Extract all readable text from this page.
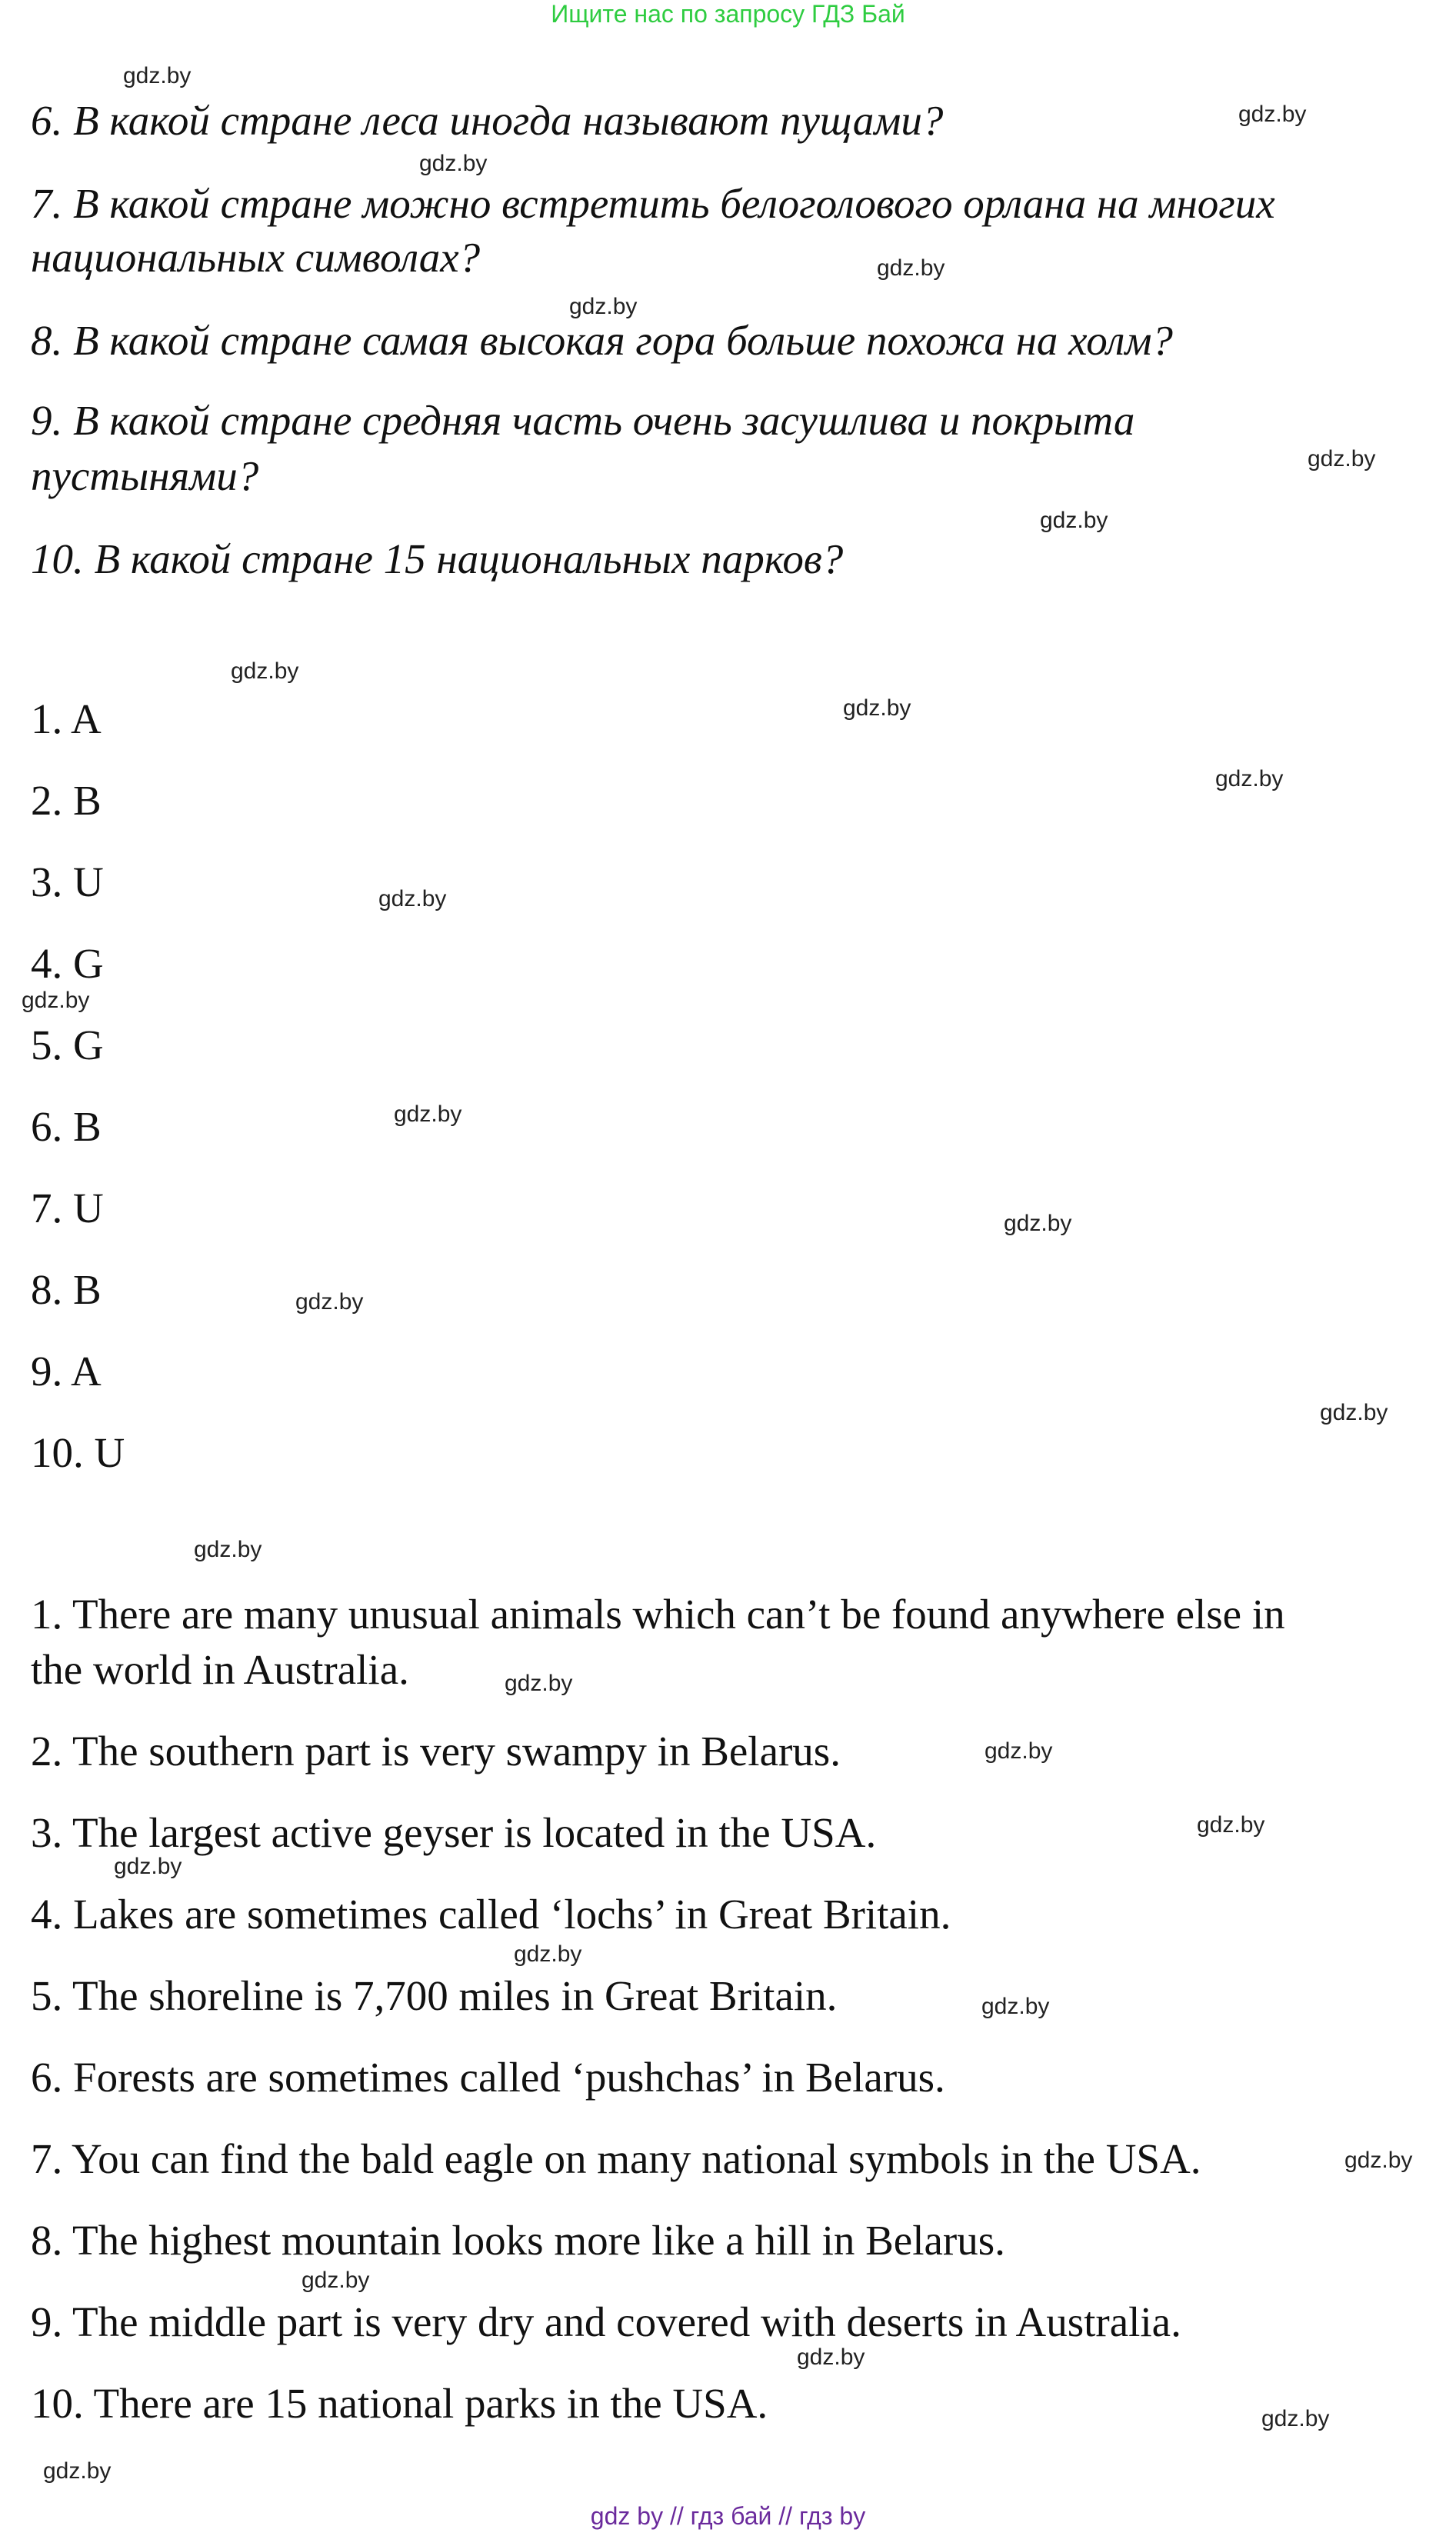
Ищите нас по запросу ГДЗ Бай
6. В какой стране леса иногда называют пущами?
7. В какой стране можно встретить белоголового орлана на многих
национальных символах?
8. В какой стране самая высокая гора больше похожа на холм?
9. В какой стране средняя часть очень засушлива и покрыта
пустынями?
10. В какой стране 15 национальных парков?
1. A
2. B
3. U
4. G
5. G
6. B
7. U
8. B
9. A
10. U
1. There are many unusual animals which can’t be found anywhere else in
the world in Australia.
2. The southern part is very swampy in Belarus.
3. The largest active geyser is located in the USA.
4. Lakes are sometimes called ‘lochs’ in Great Britain.
5. The shoreline is 7,700 miles in Great Britain.
6. Forests are sometimes called ‘pushchas’ in Belarus.
7. You can find the bald eagle on many national symbols in the USA.
8. The highest mountain looks more like a hill in Belarus.
9. The middle part is very dry and covered with deserts in Australia.
10. There are 15 national parks in the USA.
gdz.by
gdz.by
gdz.by
gdz.by
gdz.by
gdz.by
gdz.by
gdz.by
gdz.by
gdz.by
gdz.by
gdz.by
gdz.by
gdz.by
gdz.by
gdz.by
gdz.by
gdz.by
gdz.by
gdz.by
gdz.by
gdz.by
gdz.by
gdz.by
gdz.by
gdz.by
gdz.by
gdz.by
gdz by // гдз бай // гдз by
